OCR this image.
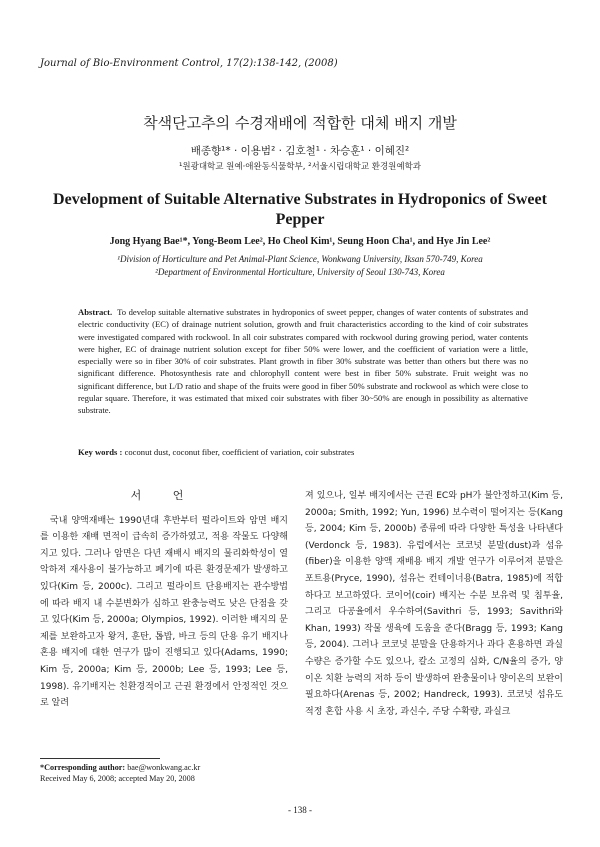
Journal of Bio-Environment Control, 17(2):138-142, (2008)
착색단고추의 수경재배에 적합한 대체 배지 개발
배종향¹* · 이용범² · 김호철¹ · 차승훈¹ · 이혜진²
¹원광대학교 원예·애완동식물학부, ²서울시립대학교 환경원예학과
Development of Suitable Alternative Substrates in Hydroponics of Sweet Pepper
Jong Hyang Bae¹*, Yong-Beom Lee², Ho Cheol Kim¹, Seung Hoon Cha¹, and Hye Jin Lee²
¹Division of Horticulture and Pet Animal-Plant Science, Wonkwang University, Iksan 570-749, Korea
²Department of Environmental Horticulture, University of Seoul 130-743, Korea
Abstract. To develop suitable alternative substrates in hydroponics of sweet pepper, changes of water contents of substrates and electric conductivity (EC) of drainage nutrient solution, growth and fruit characteristics according to the kind of coir substrates were investigated compared with rockwool. In all coir substrates compared with rockwool during growing period, water contents were higher, EC of drainage nutrient solution except for fiber 50% were lower, and the coefficient of variation were a little, especially were so in fiber 30% of coir substrates. Plant growth in fiber 30% substrate was better than others but there was no significant difference. Photosynthesis rate and chlorophyll content were best in fiber 50% substrate. Fruit weight was no significant difference, but L/D ratio and shape of the fruits were good in fiber 50% substrate and rockwool as which were close to regular square. Therefore, it was estimated that mixed coir substrates with fiber 30~50% are enough in possibility as alternative substrate.
Key words : coconut dust, coconut fiber, coefficient of variation, coir substrates
서 언

국내 양액재배는 1990년대 후반부터 펄라이트와 암면 배지를 이용한 재배 면적이 급속히 증가하였고, 적용 작물도 다양해지고 있다. 그러나 암면은 다년 재배시 배지의 물리화학성이 열악하져 재사용이 불가능하고 폐기에 따른 환경문제가 발생하고 있다(Kim 등, 2000c). 그리고 펄라이트 단용배지는 관수방법에 따라 배지 내 수분변화가 심하고 완충능력도 낮은 단점을 갖고 있다(Kim 등, 2000a; Olympios, 1992). 이러한 배지의 문제를 보완하고자 왕겨, 훈탄, 톱밥, 바크 등의 단용 유기 배지나 혼용 배지에 대한 연구가 많이 진행되고 있다(Adams, 1990; Kim 등, 2000a; Kim 등, 2000b; Lee 등, 1993; Lee 등, 1998). 유기배지는 친환경적이고 근권 환경에서 안정적인 것으로 알려

져 있으나, 일부 배지에서는 근권 EC와 pH가 불안정하고(Kim 등, 2000a; Smith, 1992; Yun, 1996) 보수력이 떨어지는 등(Kang 등, 2004; Kim 등, 2000b) 종류에 따라 다양한 특성을 나타낸다(Verdonck 등, 1983). 유럽에서는 코코넛 분말(dust)과 섬유(fiber)을 이용한 양액 재배용 배지 개발 연구가 이루어져 분말은 포트용(Pryce, 1990), 섬유는 컨테이너용(Batra, 1985)에 적합하다고 보고하였다. 코이어(coir) 배지는 수분 보유력 및 침투율, 그리고 다공율에서 우수하여(Savithri 등, 1993; Savithri와 Khan, 1993) 작물 생육에 도움을 준다(Bragg 등, 1993; Kang 등, 2004). 그러나 코코넛 분말을 단용하거나 과다 혼용하면 과실 수량은 증가할 수도 있으나, 칼소 고정의 심화, C/N율의 증가, 양이온 치환 능력의 저하 등이 발생하여 완충물이나 양이온의 보완이 필요하다(Arenas 등, 2002; Handreck, 1993). 코코넛 섬유도 적정 혼합 사용 시 초장, 과신수, 주당 수확량, 과실크

*Corresponding author: bae@wonkwang.ac.kr
Received May 6, 2008; accepted May 20, 2008
- 138 -
